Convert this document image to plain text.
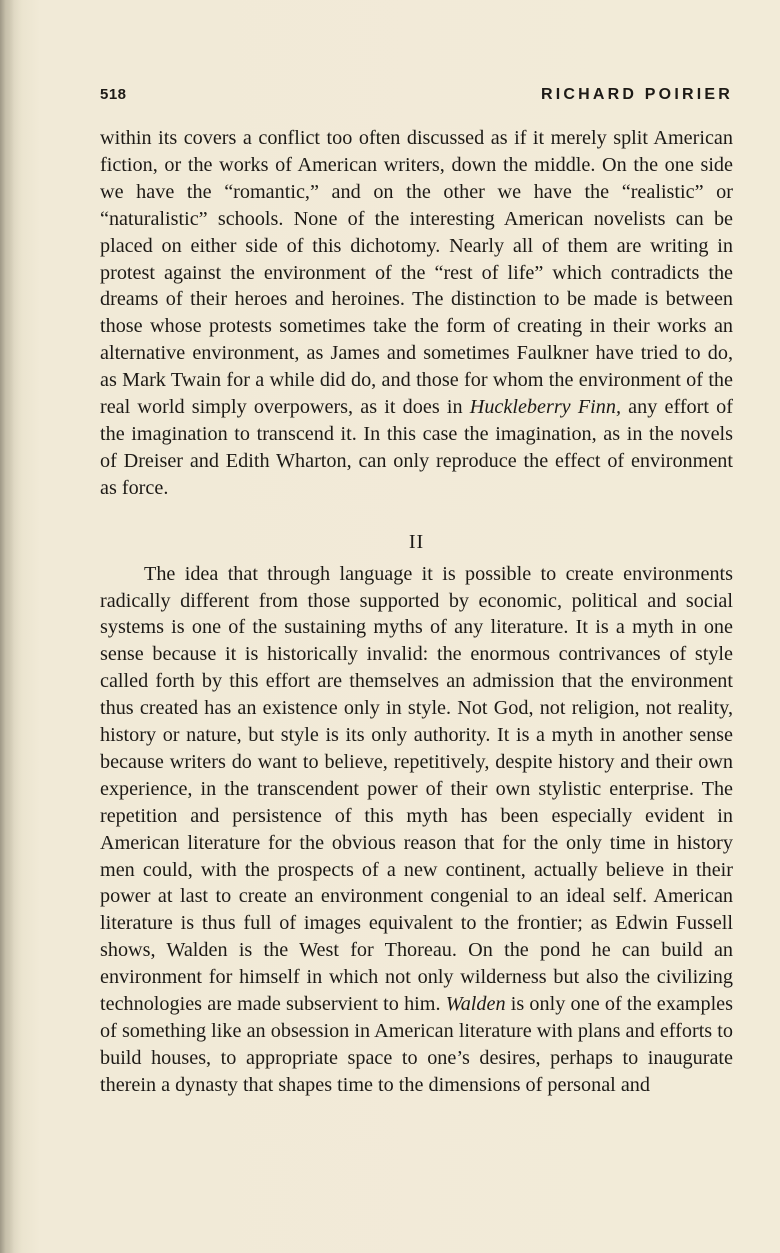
518	RICHARD POIRIER

within its covers a conflict too often discussed as if it merely split American fiction, or the works of American writers, down the middle. On the one side we have the “romantic,” and on the other we have the “realistic” or “naturalistic” schools. None of the interesting American novelists can be placed on either side of this dichotomy. Nearly all of them are writing in protest against the environment of the “rest of life” which contradicts the dreams of their heroes and heroines. The distinction to be made is between those whose protests sometimes take the form of creating in their works an alternative environment, as James and sometimes Faulkner have tried to do, as Mark Twain for a while did do, and those for whom the environment of the real world simply overpowers, as it does in Huckleberry Finn, any effort of the imagination to transcend it. In this case the imagination, as in the novels of Dreiser and Edith Wharton, can only reproduce the effect of environment as force.

II

The idea that through language it is possible to create environments radically different from those supported by economic, political and social systems is one of the sustaining myths of any literature. It is a myth in one sense because it is historically invalid: the enormous contrivances of style called forth by this effort are themselves an admission that the environment thus created has an existence only in style. Not God, not religion, not reality, history or nature, but style is its only authority. It is a myth in another sense because writers do want to believe, repetitively, despite history and their own experience, in the transcendent power of their own stylistic enterprise. The repetition and persistence of this myth has been especially evident in American literature for the obvious reason that for the only time in history men could, with the prospects of a new continent, actually believe in their power at last to create an environment congenial to an ideal self. American literature is thus full of images equivalent to the frontier; as Edwin Fussell shows, Walden is the West for Thoreau. On the pond he can build an environment for himself in which not only wilderness but also the civilizing technologies are made subservient to him. Walden is only one of the examples of something like an obsession in American literature with plans and efforts to build houses, to appropriate space to one’s desires, perhaps to inaugurate therein a dynasty that shapes time to the dimensions of personal and
